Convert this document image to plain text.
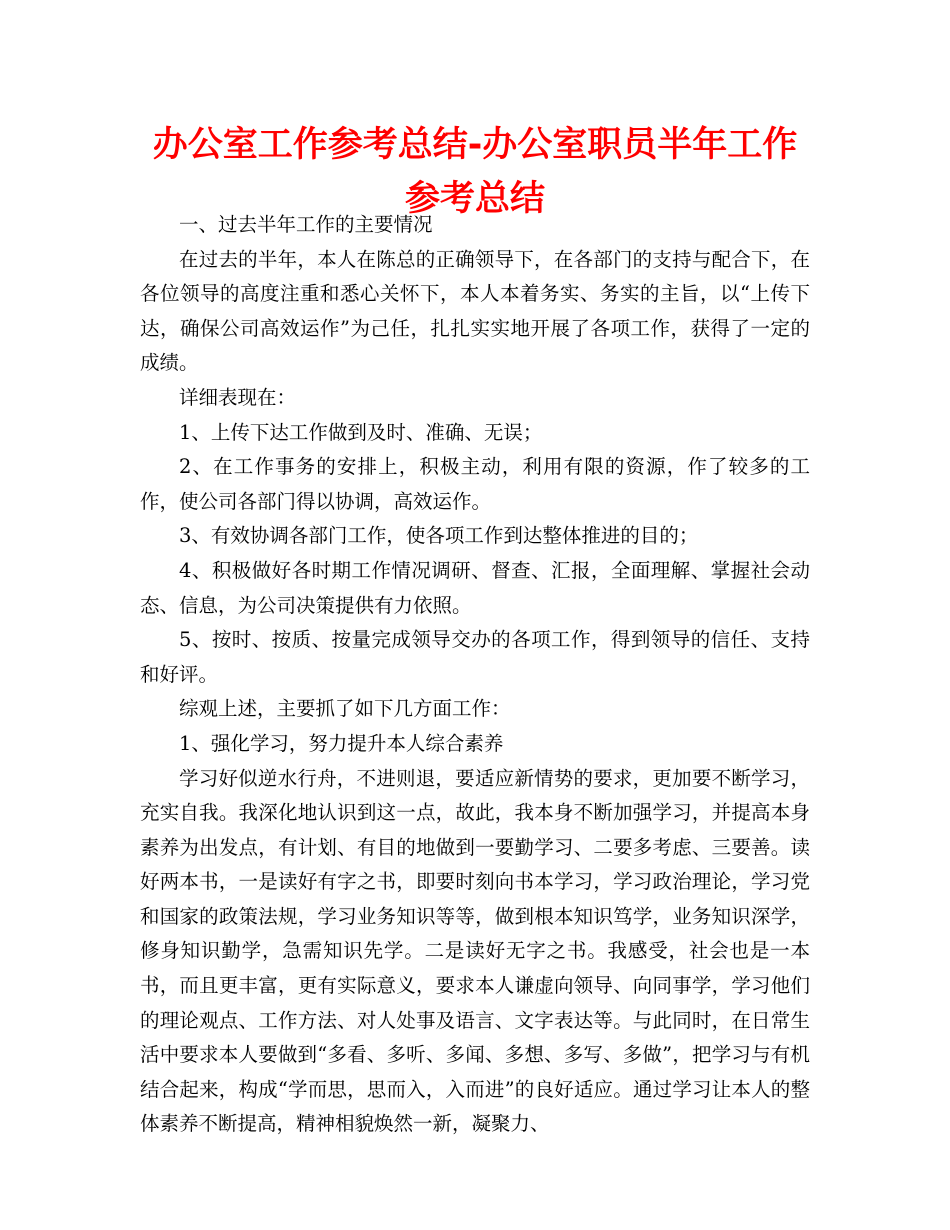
办公室工作参考总结-办公室职员半年工作参考总结

一、过去半年工作的主要情况

在过去的半年，本人在陈总的正确领导下，在各部门的支持与配合下，在各位领导的高度注重和悉心关怀下，本人本着务实、务实的主旨，以“上传下达，确保公司高效运作”为己任，扎扎实实地开展了各项工作，获得了一定的成绩。

详细表现在：

1、上传下达工作做到及时、准确、无误；

2、在工作事务的安排上，积极主动，利用有限的资源，作了较多的工作，使公司各部门得以协调，高效运作。

3、有效协调各部门工作，使各项工作到达整体推进的目的；

4、积极做好各时期工作情况调研、督查、汇报，全面理解、掌握社会动态、信息，为公司决策提供有力依照。

5、按时、按质、按量完成领导交办的各项工作，得到领导的信任、支持和好评。

综观上述，主要抓了如下几方面工作：

1、强化学习，努力提升本人综合素养

学习好似逆水行舟，不进则退，要适应新情势的要求，更加要不断学习，充实自我。我深化地认识到这一点，故此，我本身不断加强学习，并提高本身素养为出发点，有计划、有目的地做到一要勤学习、二要多考虑、三要善。读好两本书，一是读好有字之书，即要时刻向书本学习，学习政治理论，学习党和国家的政策法规，学习业务知识等等，做到根本知识笃学，业务知识深学，修身知识勤学，急需知识先学。二是读好无字之书。我感受，社会也是一本书，而且更丰富，更有实际意义，要求本人谦虚向领导、向同事学，学习他们的理论观点、工作方法、对人处事及语言、文字表达等。与此同时，在日常生活中要求本人要做到“多看、多听、多闻、多想、多写、多做”，把学习与有机结合起来，构成“学而思，思而入，入而进”的良好适应。通过学习让本人的整体素养不断提高，精神相貌焕然一新，凝聚力、
